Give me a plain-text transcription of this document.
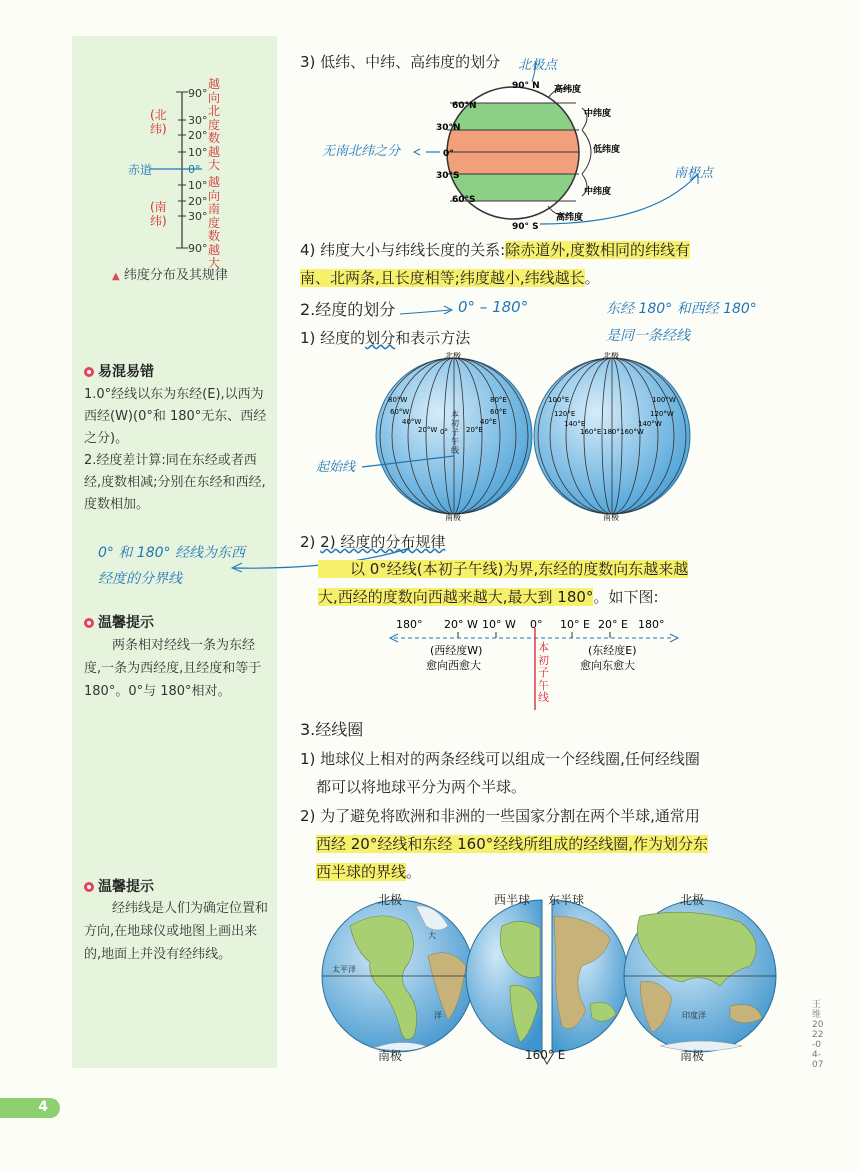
90°
30°
20°
10°
0°
10°
20°
30°
90°
赤道
(北纬)
(南纬)
越向北度数越大
越向南度数越大
▲ 纬度分布及其规律
易混易错
1.0°经线以东为东经(E),以西为西经(W)(0°和 180°无东、西经之分)。
2.经度差计算:同在东经或者西经,度数相减;分别在东经和西经,度数相加。
0° 和 180° 经线为东西经度的分界线
温馨提示
两条相对经线一条为东经度,一条为西经度,且经度和等于 180°。0°与 180°相对。
温馨提示
经纬线是人们为确定位置和方向,在地球仪或地图上画出来的,地面上并没有经纬线。
3) 低纬、中纬、高纬度的划分
90° N
90° S
60°N
30°N
0°
30°S
60°S
高纬度
中纬度
低纬度
中纬度
高纬度
北极点
南极点
无南北纬之分
4) 纬度大小与纬线长度的关系:除赤道外,度数相同的纬线有
南、北两条,且长度相等;纬度越小,纬线越长。
2.经度的划分	0° – 180°	东经 180° 和西经 180°
是同一条经线
1) 经度的划分和表示方法
北极
南极
北极
南极
80°W
60°W
40°W
20°W 0°	20°E
40°E
60°E
80°E	100°E
120°E
140°E
160°E 180° 160°W
140°W
120°W
100°W
本初子午线
起始线
2) 2) 经度的分布规律
以 0°经线(本初子午线)为界,东经的度数向东越来越
大,西经的度数向西越来越大,最大到 180°。如下图:
180° 20° W 10° W 0° 10° E 20° E 180°
(西经度W)
愈向西愈大
(东经度E)
愈向东愈大
本初子午线
3.经线圈
1) 地球仪上相对的两条经线可以组成一个经线圈,任何经线圈
都可以将地球平分为两个半球。
2) 为了避免将欧洲和非洲的一些国家分割在两个半球,通常用
西经 20°经线和东经 160°经线所组成的经线圈,作为划分东
西半球的界线。
太平洋
大
洋	印度洋
北极
南极
西半球 东半球
160° E
北极
南极
王维 2022-04-07
4
